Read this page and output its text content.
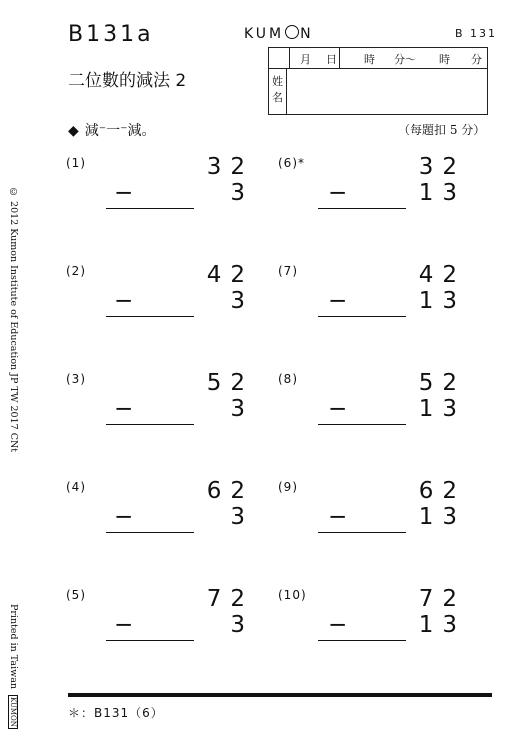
B131a
二位數的減法 2
KUM N	B 131
月 日 時 分～ 時 分
姓名
◆ 減⁻一⁻減。	（每題扣 5 分）
© 2012 Kumon Institute of Education JP TW 2017 CNt
Printed in Taiwan KUMON
(1)	32
−	3
(2)	42
−	3
(3)	52
−	3
(4)	62
−	3
(5)	72
−	3
(6)*	32
−	13
(7)	42
−	13
(8)	52
−	13
(9)	62
−	13
(10)	72
−	13
＊：B131（6）
